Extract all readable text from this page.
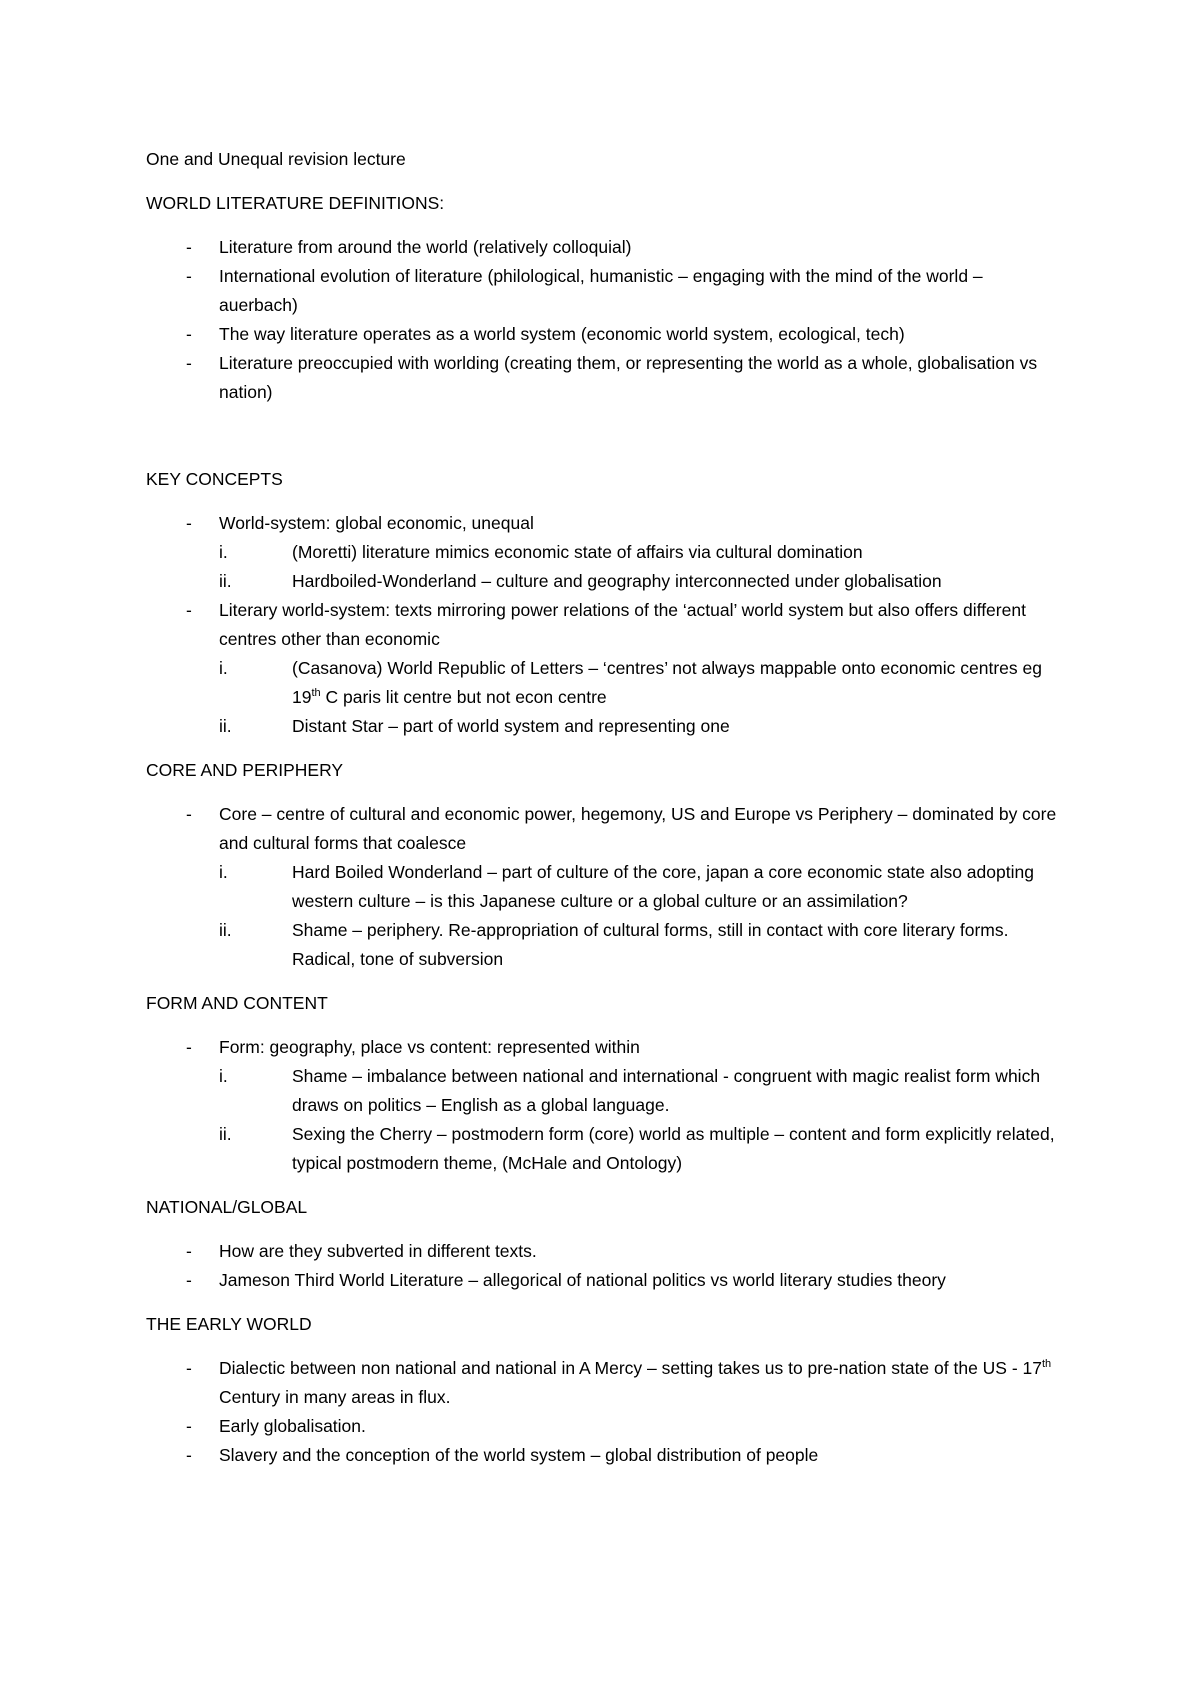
One and Unequal revision lecture

WORLD LITERATURE DEFINITIONS:

- Literature from around the world (relatively colloquial)
- International evolution of literature (philological, humanistic – engaging with the mind of the world – auerbach)
- The way literature operates as a world system (economic world system, ecological, tech)
- Literature preoccupied with worlding (creating them, or representing the world as a whole, globalisation vs nation)

KEY CONCEPTS

- World-system: global economic, unequal
i.	(Moretti) literature mimics economic state of affairs via cultural domination
ii.	Hardboiled-Wonderland – culture and geography interconnected under globalisation
- Literary world-system: texts mirroring power relations of the ‘actual’ world system but also offers different centres other than economic
i.	(Casanova) World Republic of Letters – ‘centres’ not always mappable onto economic centres eg 19th C paris lit centre but not econ centre
ii.	Distant Star – part of world system and representing one

CORE AND PERIPHERY

- Core – centre of cultural and economic power, hegemony, US and Europe vs Periphery – dominated by core and cultural forms that coalesce
i.	Hard Boiled Wonderland – part of culture of the core, japan a core economic state also adopting western culture – is this Japanese culture or a global culture or an assimilation?
ii.	Shame – periphery. Re-appropriation of cultural forms, still in contact with core literary forms. Radical, tone of subversion

FORM AND CONTENT

- Form: geography, place vs content: represented within
i.	Shame – imbalance between national and international - congruent with magic realist form which draws on politics – English as a global language.
ii.	Sexing the Cherry – postmodern form (core) world as multiple – content and form explicitly related, typical postmodern theme, (McHale and Ontology)

NATIONAL/GLOBAL

- How are they subverted in different texts.
- Jameson Third World Literature – allegorical of national politics vs world literary studies theory

THE EARLY WORLD

- Dialectic between non national and national in A Mercy – setting takes us to pre-nation state of the US - 17th Century in many areas in flux.
- Early globalisation.
- Slavery and the conception of the world system – global distribution of people
